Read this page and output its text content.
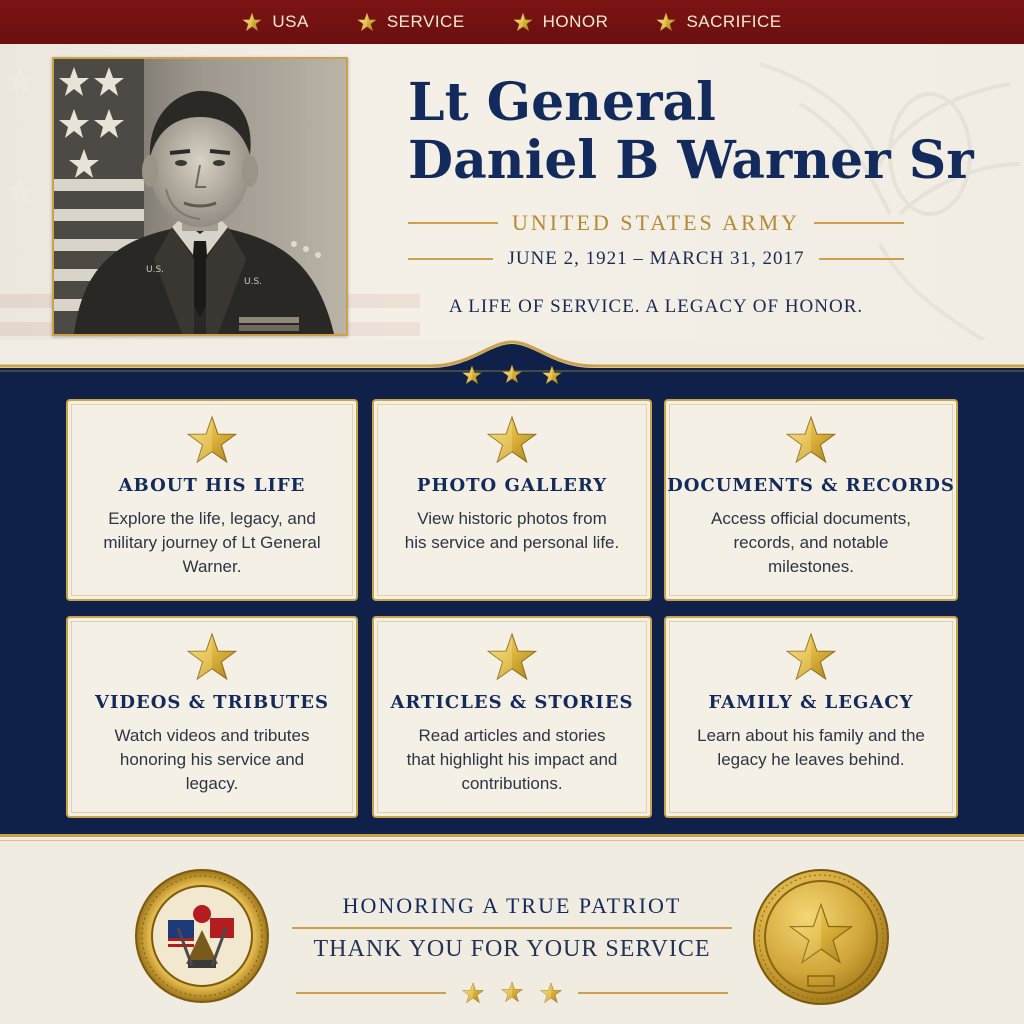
USA	SERVICE	HONOR	SACRIFICE
U.S.
U.S.
Lt General
Daniel B Warner Sr
UNITED STATES ARMY
JUNE 2, 1921 – MARCH 31, 2017
A LIFE OF SERVICE. A LEGACY OF HONOR.
ABOUT HIS LIFE
Explore the life, legacy, and military journey of Lt General Warner.
PHOTO GALLERY
View historic photos from his service and personal life.
DOCUMENTS & RECORDS
Access official documents, records, and notable milestones.
VIDEOS & TRIBUTES
Watch videos and tributes honoring his service and legacy.
ARTICLES & STORIES
Read articles and stories that highlight his impact and contributions.
FAMILY & LEGACY
Learn about his family and the legacy he leaves behind.
HONORING A TRUE PATRIOT
THANK YOU FOR YOUR SERVICE
